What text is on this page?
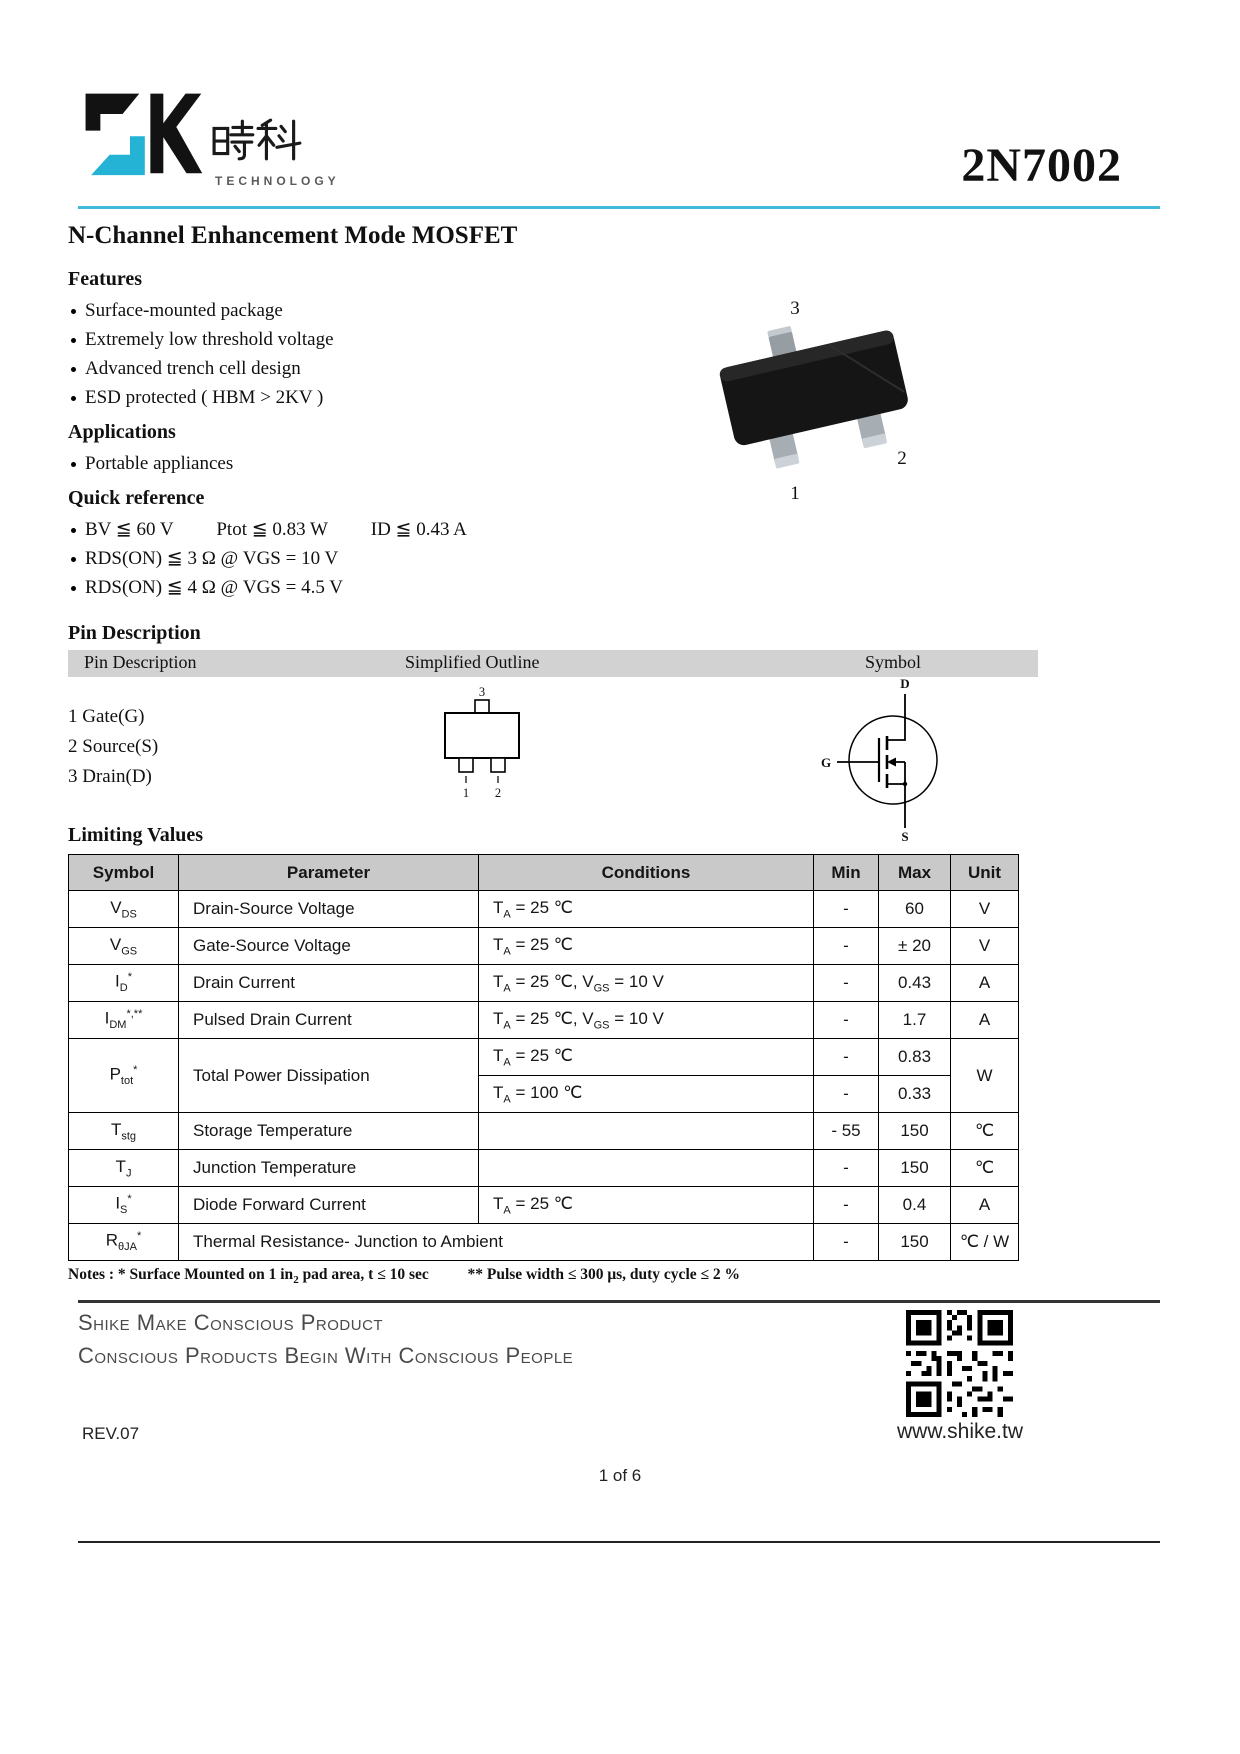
TECHNOLOGY	2N7002
N-Channel Enhancement Mode MOSFET
Features
Surface-mounted package
Extremely low threshold voltage
Advanced trench cell design
ESD protected ( HBM > 2KV )
Applications
Portable appliances
Quick reference
BV ≦ 60 V Ptot ≦ 0.83 W ID ≦ 0.43 A
RDS(ON) ≦ 3 Ω @ VGS = 10 V
RDS(ON) ≦ 4 Ω @ VGS = 4.5 V
3
2
1
Pin Description
Pin Description	Simplified Outline	Symbol
1 Gate(G)
2 Source(S)
3 Drain(D)
3
1 2
D
G
S
Limiting Values
Symbol	Parameter	Conditions	Min	Max	Unit
$V_{DS}$	Drain-Source Voltage	$T_A = 25$ ℃	-	60	V
$V_{GS}$	Gate-Source Voltage	$T_A = 25$ ℃	-	± 20	V
$I_D^*$	Drain Current	$T_A = 25$ ℃, $V_{GS} = 10$ V	-	0.43	A
$I_{DM}^{*,**}$	Pulsed Drain Current	$T_A = 25$ ℃, $V_{GS} = 10$ V	-	1.7	A
$P_{tot}^*$	Total Power Dissipation	$T_A = 25$ ℃	-	0.83	W
		$T_A = 100$ ℃	-	0.33	
$T_{stg}$	Storage Temperature		- 55	150	℃
$T_J$	Junction Temperature		-	150	℃
$I_S^*$	Diode Forward Current	$T_A = 25$ ℃	-	0.4	A
$R_{\theta JA}^*$	Thermal Resistance- Junction to Ambient		-	150	℃ / W
Notes : * Surface Mounted on 1 $in_2$ pad area, t ≤ 10 sec          ** Pulse width ≤ 300 μs, duty cycle ≤ 2 %
Shike Make Conscious Product
Conscious Products Begin With Conscious People
www.shike.tw
REV.07
1 of 6
